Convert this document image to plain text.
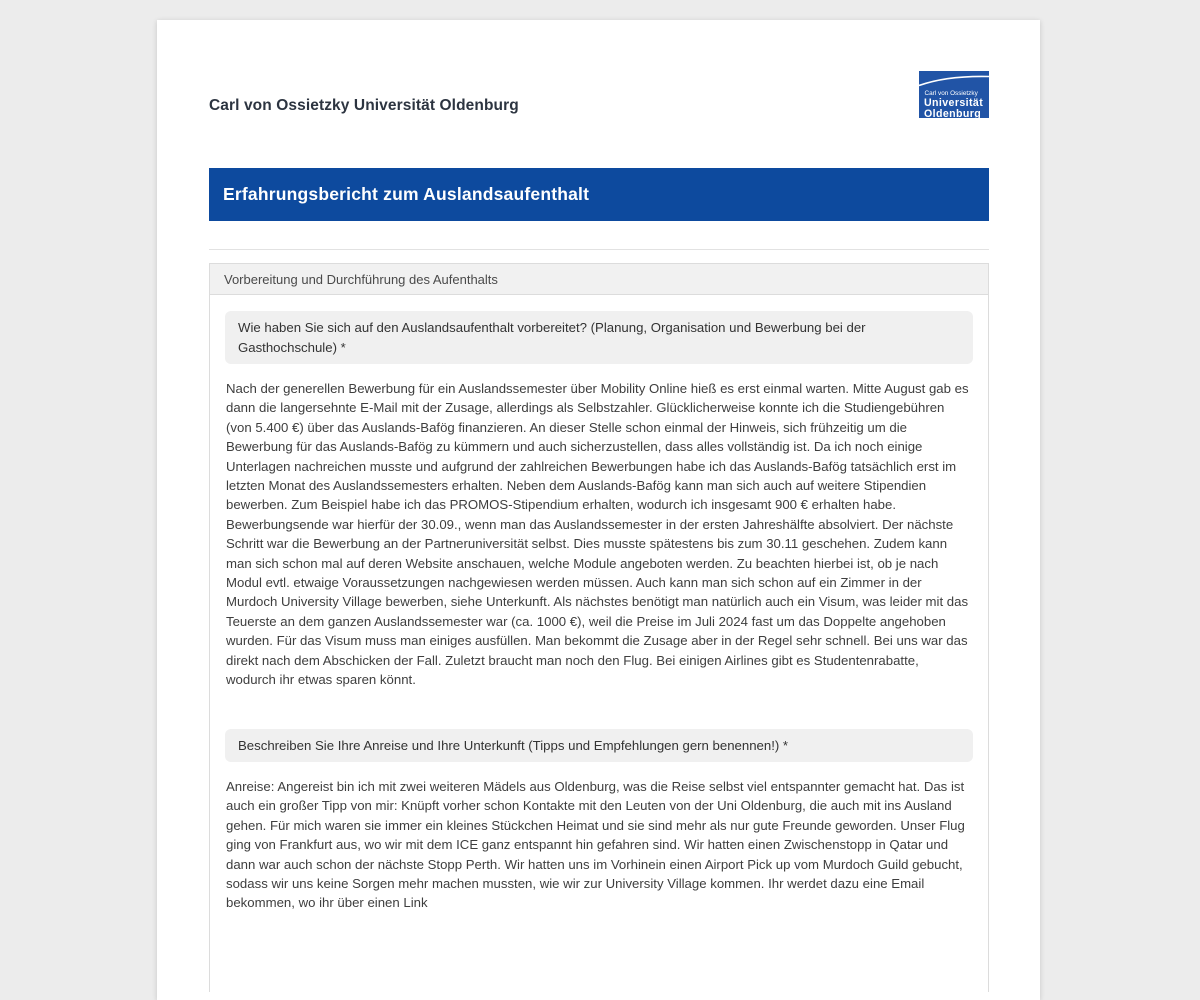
Carl von Ossietzky Universität Oldenburg
Carl von Ossietzky
Universität
Oldenburg
Erfahrungsbericht zum Auslandsaufenthalt
Vorbereitung und Durchführung des Aufenthalts
Wie haben Sie sich auf den Auslandsaufenthalt vorbereitet? (Planung, Organisation und Bewerbung bei der Gasthochschule) *
Nach der generellen Bewerbung für ein Auslandssemester über Mobility Online hieß es erst einmal warten. Mitte August gab es dann die langersehnte E-Mail mit der Zusage, allerdings als Selbstzahler. Glücklicherweise konnte ich die Studiengebühren (von 5.400 €) über das Auslands-Bafög finanzieren. An dieser Stelle schon einmal der Hinweis, sich frühzeitig um die Bewerbung für das Auslands-Bafög zu kümmern und auch sicherzustellen, dass alles vollständig ist. Da ich noch einige Unterlagen nachreichen musste und aufgrund der zahlreichen Bewerbungen habe ich das Auslands-Bafög tatsächlich erst im letzten Monat des Auslandssemesters erhalten. Neben dem Auslands-Bafög kann man sich auch auf weitere Stipendien bewerben. Zum Beispiel habe ich das PROMOS-Stipendium erhalten, wodurch ich insgesamt 900 € erhalten habe. Bewerbungsende war hierfür der 30.09., wenn man das Auslandssemester in der ersten Jahreshälfte absolviert. Der nächste Schritt war die Bewerbung an der Partneruniversität selbst. Dies musste spätestens bis zum 30.11 geschehen. Zudem kann man sich schon mal auf deren Website anschauen, welche Module angeboten werden. Zu beachten hierbei ist, ob je nach Modul evtl. etwaige Voraussetzungen nachgewiesen werden müssen. Auch kann man sich schon auf ein Zimmer in der Murdoch University Village bewerben, siehe Unterkunft. Als nächstes benötigt man natürlich auch ein Visum, was leider mit das Teuerste an dem ganzen Auslandssemester war (ca. 1000 €), weil die Preise im Juli 2024 fast um das Doppelte angehoben wurden. Für das Visum muss man einiges ausfüllen. Man bekommt die Zusage aber in der Regel sehr schnell. Bei uns war das direkt nach dem Abschicken der Fall. Zuletzt braucht man noch den Flug. Bei einigen Airlines gibt es Studentenrabatte, wodurch ihr etwas sparen könnt.
Beschreiben Sie Ihre Anreise und Ihre Unterkunft (Tipps und Empfehlungen gern benennen!) *
Anreise: Angereist bin ich mit zwei weiteren Mädels aus Oldenburg, was die Reise selbst viel entspannter gemacht hat. Das ist auch ein großer Tipp von mir: Knüpft vorher schon Kontakte mit den Leuten von der Uni Oldenburg, die auch mit ins Ausland gehen. Für mich waren sie immer ein kleines Stückchen Heimat und sie sind mehr als nur gute Freunde geworden. Unser Flug ging von Frankfurt aus, wo wir mit dem ICE ganz entspannt hin gefahren sind. Wir hatten einen Zwischenstopp in Qatar und dann war auch schon der nächste Stopp Perth. Wir hatten uns im Vorhinein einen Airport Pick up vom Murdoch Guild gebucht, sodass wir uns keine Sorgen mehr machen mussten, wie wir zur University Village kommen. Ihr werdet dazu eine Email bekommen, wo ihr über einen Link
